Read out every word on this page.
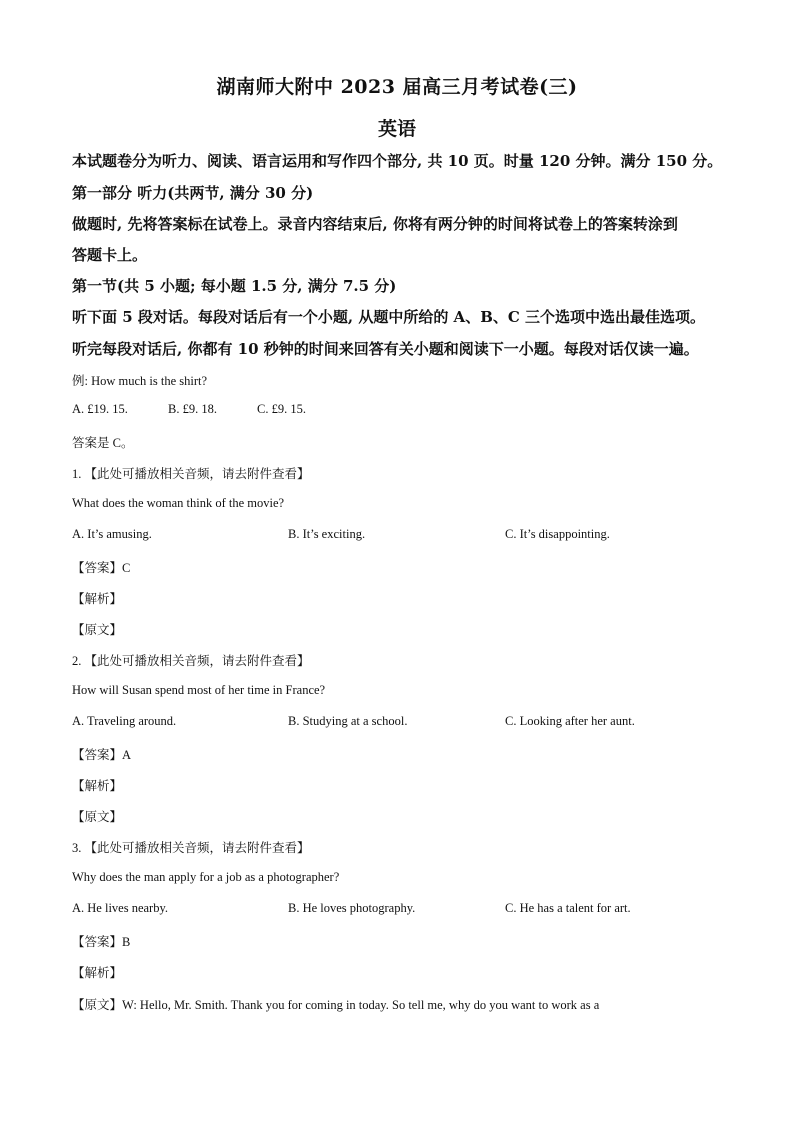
湖南师大附中 2023 届高三月考试卷(三)
英语
本试题卷分为听力、阅读、语言运用和写作四个部分, 共 10 页。时量 120 分钟。满分 150 分。
第一部分 听力(共两节, 满分 30 分)
做题时, 先将答案标在试卷上。录音内容结束后, 你将有两分钟的时间将试卷上的答案转涂到
答题卡上。
第一节(共 5 小题; 每小题 1.5 分, 满分 7.5 分)
听下面 5 段对话。每段对话后有一个小题, 从题中所给的 A、B、C 三个选项中选出最佳选项。
听完每段对话后, 你都有 10 秒钟的时间来回答有关小题和阅读下一小题。每段对话仅读一遍。
例: How much is the shirt?
A. £19. 15.	B. £9. 18.	C. £9. 15.
答案是 C。
1. 【此处可播放相关音频，请去附件查看】
What does the woman think of the movie?
A. It’s amusing.	B. It’s exciting.	C. It’s disappointing.
【答案】C
【解析】
【原文】
2. 【此处可播放相关音频，请去附件查看】
How will Susan spend most of her time in France?
A. Traveling around.	B. Studying at a school.	C. Looking after her aunt.
【答案】A
【解析】
【原文】
3. 【此处可播放相关音频，请去附件查看】
Why does the man apply for a job as a photographer?
A. He lives nearby.	B. He loves photography.	C. He has a talent for art.
【答案】B
【解析】
【原文】W: Hello, Mr. Smith. Thank you for coming in today. So tell me, why do you want to work as a
